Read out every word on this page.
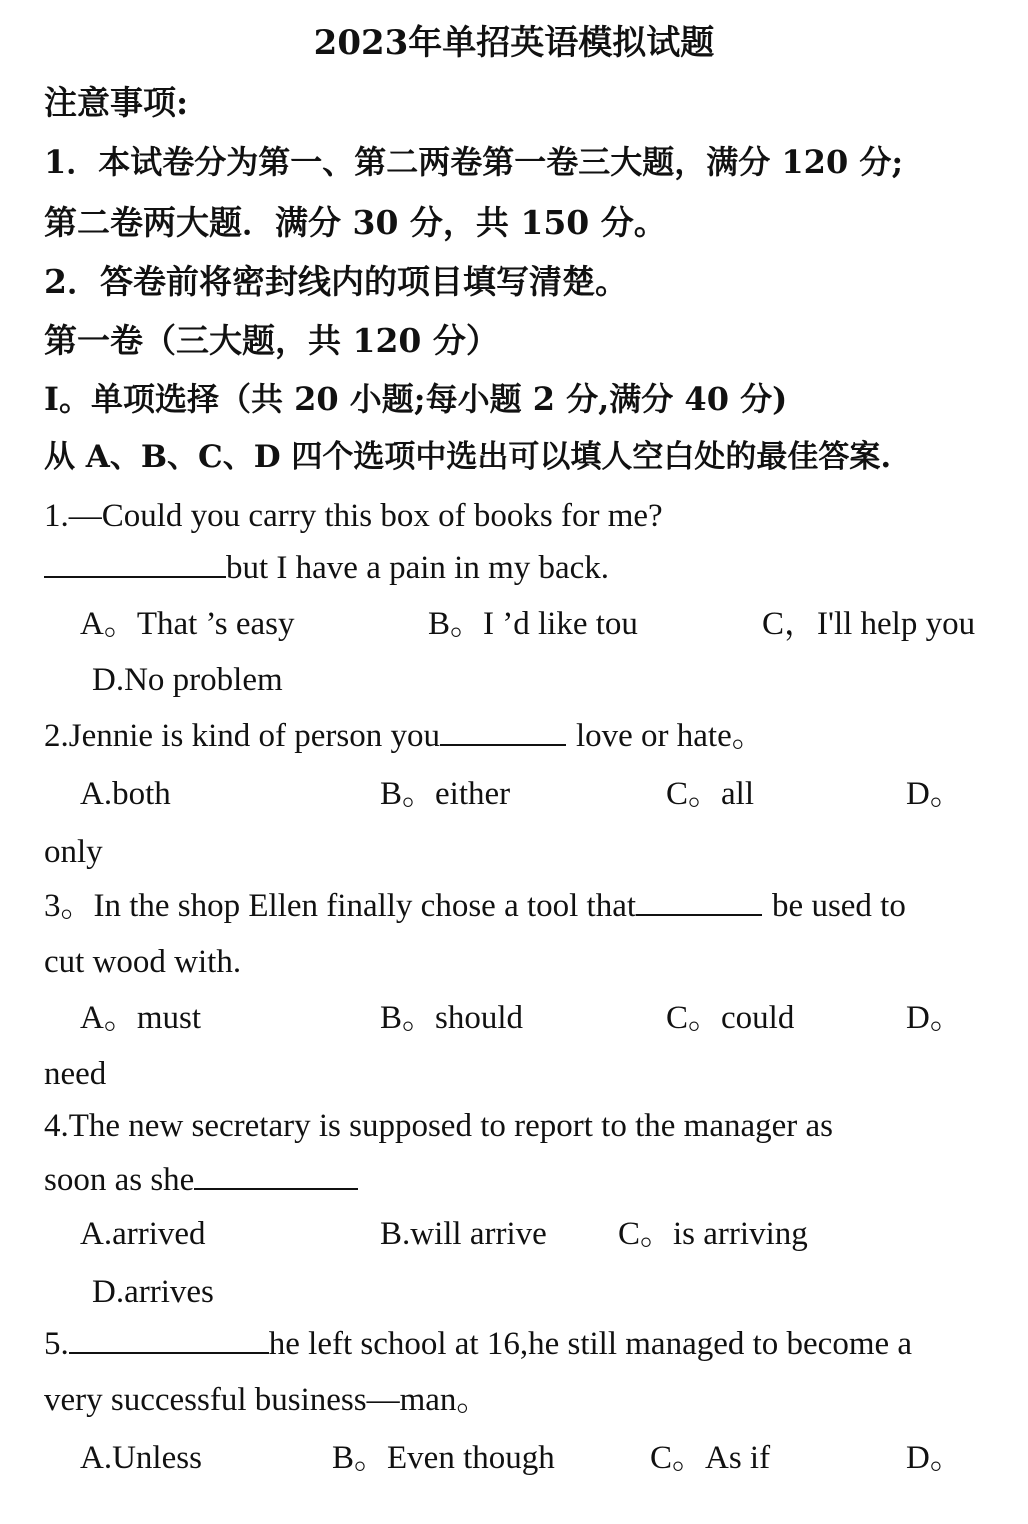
2023年单招英语模拟试题
注意事项:
1．本试卷分为第一、第二两卷第一卷三大题，满分 120 分;
第二卷两大题．满分 30 分，共 150 分。
2．答卷前将密封线内的项目填写清楚。
第一卷（三大题，共 120 分）
I。单项选择（共 20 小题;每小题 2 分,满分 40 分)
从 A、B、C、D 四个选项中选出可以填人空白处的最佳答案.
1.—Could you carry this box of books for me?
but I have a pain in my back.
A。That ’s easy	B。I ’d like tou	C，I'll help you
D.No problem
2.Jennie is kind of person you	love or hate。
A.both	B。either	C。all	D。
only
3。In the shop Ellen finally chose a tool that	be used to
cut wood with.
A。must	B。should	C。could	D。
need
4.The new secretary is supposed to report to the manager as
soon as she
A.arrived	B.will arrive C。is arriving
D.arrives
5.	he left school at 16,he still managed to become a
very successful business—man。
A.Unless	B。Even though	C。As if	D。
